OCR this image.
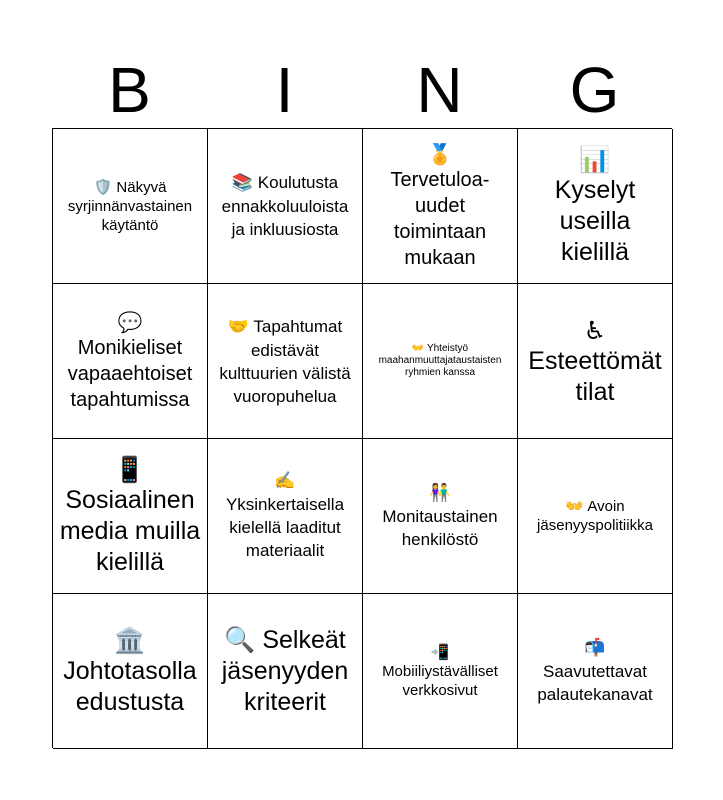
B	I	N	G
🛡️ Näkyvä syrjinnänvastainen käytäntö
📚 Koulutusta ennakkoluuloista ja inkluusiosta
🏅
Tervetuloa-uudet toimintaan mukaan
📊
Kyselyt useilla kielillä
💬
Monikieliset vapaaehtoiset tapahtumissa
🤝 Tapahtumat edistävät kulttuurien välistä vuoropuhelua
👐 Yhteistyö maahanmuuttajataustaisten ryhmien kanssa
♿
Esteettömät tilat
📱
Sosiaalinen media muilla kielillä
✍️
Yksinkertaisella kielellä laaditut materiaalit
👫
Monitaustainen henkilöstö
👐 Avoin jäsenyyspolitiikka
🏛️
Johtotasolla edustusta
🔍 Selkeät jäsenyyden kriteerit
📲
Mobiiliystävälliset verkkosivut
📬
Saavutettavat palautekanavat
